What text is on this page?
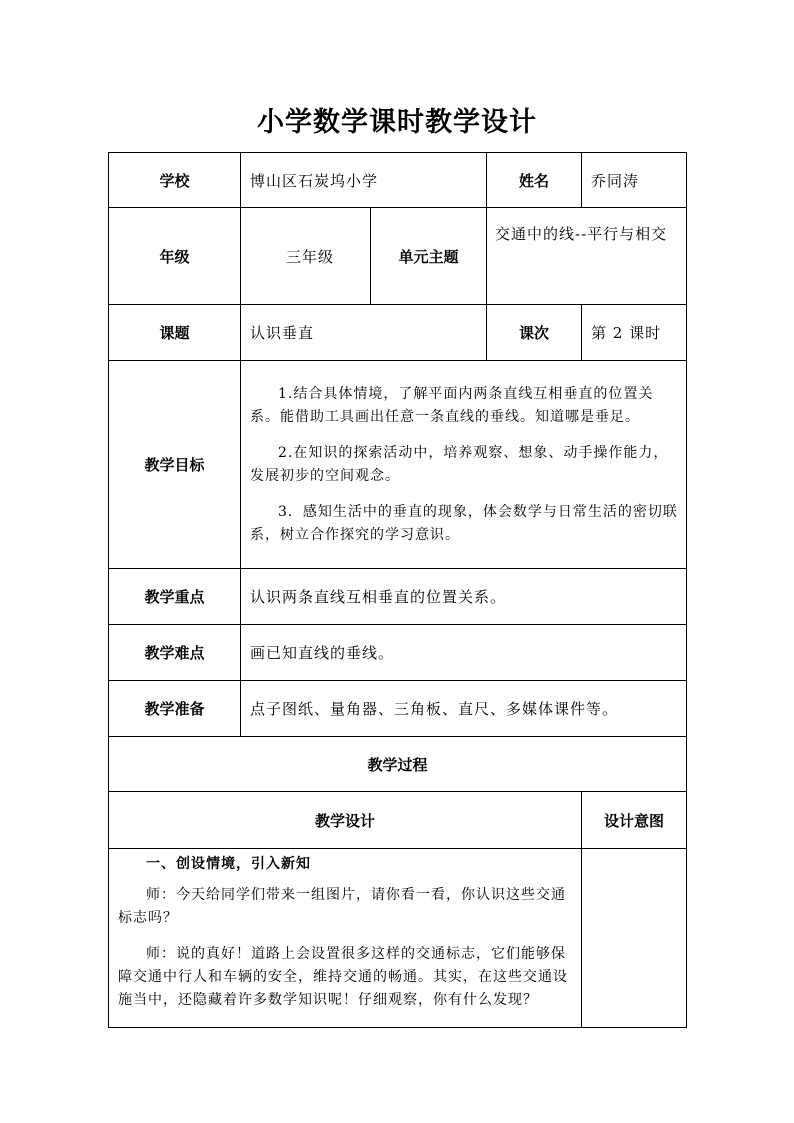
小学数学课时教学设计
学校	博山区石炭坞小学		姓名	乔同涛
年级	三年级	单元主题	交通中的线--平行与相交	

课题	认识垂直		课次	第 2 课时
教学目标	1.结合具体情境，了解平面内两条直线互相垂直的位置关系。能借助工具画出任意一条直线的垂线。知道哪是垂足。

2.在知识的探索活动中，培养观察、想象、动手操作能力，发展初步的空间观念。

3．感知生活中的垂直的现象，体会数学与日常生活的密切联系，树立合作探究的学习意识。			

教学重点	认识两条直线互相垂直的位置关系。			
教学难点	画已知直线的垂线。			
教学准备	点子图纸、量角器、三角板、直尺、多媒体课件等。			
教学过程				
教学设计				设计意图

一、创设情境，引入新知

师：今天给同学们带来一组图片，请你看一看，你认识这些交通标志吗？

师：说的真好！道路上会设置很多这样的交通标志，它们能够保障交通中行人和车辆的安全，维持交通的畅通。其实，在这些交通设施当中，还隐藏着许多数学知识呢！仔细观察，你有什么发现？				
